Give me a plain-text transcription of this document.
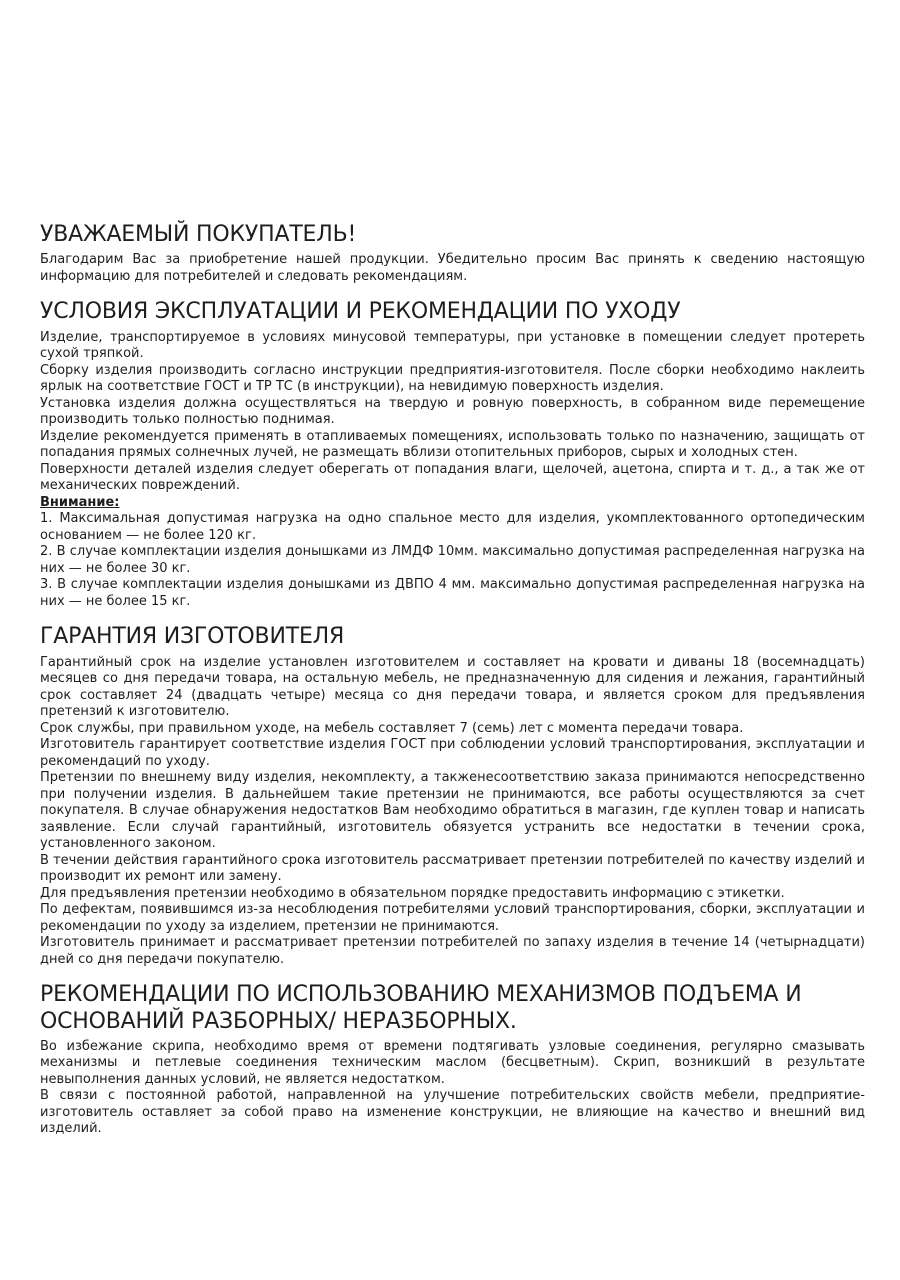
УВАЖАЕМЫЙ ПОКУПАТЕЛЬ!

Благодарим Вас за приобретение нашей продукции. Убедительно просим Вас принять к сведению настоящую информацию для потребителей и следовать рекомендациям.

УСЛОВИЯ ЭКСПЛУАТАЦИИ И РЕКОМЕНДАЦИИ ПО УХОДУ

Изделие, транспортируемое в условиях минусовой температуры, при установке в помещении следует протереть сухой тряпкой.

Сборку изделия производить согласно инструкции предприятия-изготовителя. После сборки необходимо наклеить ярлык на соответствие ГОСТ и ТР ТС (в инструкции), на невидимую поверхность изделия.

Установка изделия должна осуществляться на твердую и ровную поверхность, в собранном виде перемещение производить только полностью поднимая.

Изделие рекомендуется применять в отапливаемых помещениях, использовать только по назначению, защищать от попадания прямых солнечных лучей, не размещать вблизи отопительных приборов, сырых и холодных стен.

Поверхности деталей изделия следует оберегать от попадания влаги, щелочей, ацетона, спирта и т. д., а так же от механических повреждений.

Внимание:

1. Максимальная допустимая нагрузка на одно спальное место для изделия, укомплектованного ортопедическим основанием — не более 120 кг.

2. В случае комплектации изделия донышками из ЛМДФ 10мм. максимально допустимая распределенная нагрузка на них — не более 30 кг.

3. В случае комплектации изделия донышками из ДВПО 4 мм. максимально допустимая распределенная нагрузка на них — не более 15 кг.

ГАРАНТИЯ ИЗГОТОВИТЕЛЯ

Гарантийный срок на изделие установлен изготовителем и составляет на кровати и диваны 18 (восемнадцать) месяцев со дня передачи товара, на остальную мебель, не предназначенную для сидения и лежания, гарантийный срок составляет 24 (двадцать четыре) месяца со дня передачи товара, и является сроком для предъявления претензий к изготовителю.

Срок службы, при правильном уходе, на мебель составляет 7 (семь) лет с момента передачи товара.

Изготовитель гарантирует соответствие изделия ГОСТ при соблюдении условий транспортирования, эксплуатации и рекомендаций по уходу.

Претензии по внешнему виду изделия, некомплекту, а такженесоответствию заказа принимаются непосредственно при получении изделия. В дальнейшем такие претензии не принимаются, все работы осуществляются за счет покупателя. В случае обнаружения недостатков Вам необходимо обратиться в магазин, где куплен товар и написать заявление. Если случай гарантийный, изготовитель обязуется устранить все недостатки в течении срока, установленного законом.

В течении действия гарантийного срока изготовитель рассматривает претензии потребителей по качеству изделий и производит их ремонт или замену.

Для предъявления претензии необходимо в обязательном порядке предоставить информацию с этикетки.

По дефектам, появившимся из-за несоблюдения потребителями условий транспортирования, сборки, эксплуатации и рекомендации по уходу за изделием, претензии не принимаются.

Изготовитель принимает и рассматривает претензии потребителей по запаху изделия в течение 14 (четырнадцати) дней со дня передачи покупателю.

РЕКОМЕНДАЦИИ ПО ИСПОЛЬЗОВАНИЮ МЕХАНИЗМОВ ПОДЪЕМА И ОСНОВАНИЙ РАЗБОРНЫХ/ НЕРАЗБОРНЫХ.

Во избежание скрипа, необходимо время от времени подтягивать узловые соединения, регулярно смазывать механизмы и петлевые соединения техническим маслом (бесцветным). Скрип, возникший в результате невыполнения данных условий, не является недостатком.

В связи с постоянной работой, направленной на улучшение потребительских свойств мебели, предприятие-изготовитель оставляет за собой право на изменение конструкции, не влияющие на качество и внешний вид изделий.
